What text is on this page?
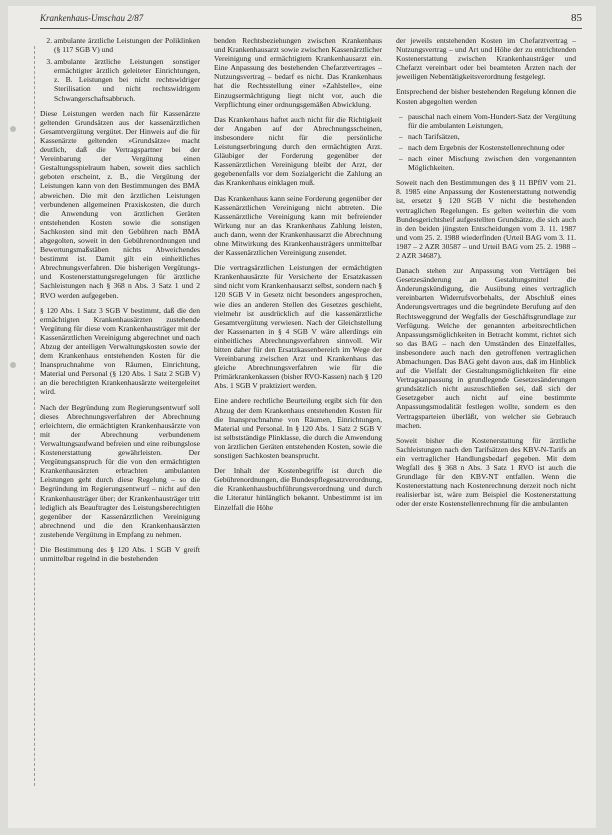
Krankenhaus-Umschau 2/87	85
2. ambulante ärztliche Leistungen der Poliklinken (§ 117 SGB V) und
3. ambulante ärztliche Leistungen sonstiger ermächtigter ärztlich geleiteter Einrichtungen, z. B. Leistungen bei nicht rechtswidriger Sterilisation und nicht rechtswidrigem Schwangerschaftsabbruch.

Diese Leistungen werden nach für Kassenärzte geltenden Grundsätzen aus der kassenärztlichen Gesamtvergütung vergütet. Der Hinweis auf die für Kassenärzte geltenden »Grundsätze« macht deutlich, daß die Vertragspartner bei der Vereinbarung der Vergütung einen Gestaltungsspielraum haben, soweit dies sachlich geboten erscheint, z. B., die Vergütung der Leistungen kann von den Bestimmungen des BMÄ abweichen. Die mit den ärztlichen Leistungen verbundenen allgemeinen Praxiskosten, die durch die Anwendung von ärztlichen Geräten entstehenden Kosten sowie die sonstigen Sachkosten sind mit den Gebühren nach BMÄ abgegolten, soweit in den Gebührenordnungen und Bewertungsmaßstäben nichts Abweichendes bestimmt ist. Damit gilt ein einheitliches Abrechnungsverfahren. Die bisherigen Vergütungs- und Kostenerstattungsregelungen für ärztliche Sachleistungen nach § 368 n Abs. 3 Satz 1 und 2 RVO werden aufgegeben.

§ 120 Abs. 1 Satz 3 SGB V bestimmt, daß die den ermächtigten Krankenhausärzten zustehende Vergütung für diese vom Krankenhausträger mit der Kassenärztlichen Vereinigung abgerechnet und nach Abzug der anteiligen Verwaltungskosten sowie der dem Krankenhaus entstehenden Kosten für die Inanspruchnahme von Räumen, Einrichtung, Material und Personal (§ 120 Abs. 1 Satz 2 SGB V) an die berechtigten Krankenhausärzte weitergeleitet wird.

Nach der Begründung zum Regierungsentwurf soll dieses Abrechnungsverfahren der Abrechnung erleichtern, die ermächtigten Krankenhausärzte von mit der Abrechnung verbundenem Verwaltungsaufwand befreien und eine reibungslose Kostenerstattung gewährleisten. Der Vergütungsanspruch für die von den ermächtigten Krankenhausärzten erbrachten ambulanten Leistungen geht durch diese Regelung – so die Begründung im Regierungsentwurf – nicht auf den Krankenhausträger über; der Krankenhausträger tritt lediglich als Beauftragter des Leistungsberechtigten gegenüber der Kassenärztlichen Vereinigung abrechnend und die den Krankenhausärzten zustehende Vergütung in Empfang zu nehmen.

Die Bestimmung des § 120 Abs. 1 SGB V greift unmittelbar regelnd in die bestehenden

benden Rechtsbeziehungen zwischen Krankenhaus und Krankenhausarzt sowie zwischen Kassenärztlicher Vereinigung und ermächtigtem Krankenhausarzt ein. Eine Anpassung des bestehenden Chefarztvertrages – Nutzungsvertrag – bedarf es nicht. Das Krankenhaus hat die Rechtsstellung einer »Zahlstelle«, eine Einzugsermächtigung liegt nicht vor, auch die Verpflichtung einer ordnungsgemäßen Abwicklung.

Das Krankenhaus haftet auch nicht für die Richtigkeit der Angaben auf der Abrechnungsscheinen, insbesondere nicht für die persönliche Leistungserbringung durch den ermächtigten Arzt. Gläubiger der Forderung gegenüber der Kassenärztlichen Vereinigung bleibt der Arzt, der gegebenenfalls vor dem Sozialgericht die Zahlung an das Krankenhaus einklagen muß.

Das Krankenhaus kann seine Forderung gegenüber der Kassenärztlichen Vereinigung nicht abtreten. Die Kassenärztliche Vereinigung kann mit befreiender Wirkung nur an das Krankenhaus Zahlung leisten, auch dann, wenn der Krankenhausarzt die Abrechnung ohne Mitwirkung des Krankenhausträgers unmittelbar der Kassenärztlichen Vereinigung zusendet.

Die vertragsärztlichen Leistungen der ermächtigten Krankenhausärzte für Versicherte der Ersatzkassen sind nicht vom Krankenhausarzt selbst, sondern nach § 120 SGB V in Gesetz nicht besonders angesprochen, wie dies an anderen Stellen des Gesetzes geschieht, vielmehr ist ausdrücklich auf die kassenärztliche Gesamtvergütung verwiesen. Nach der Gleichstellung der Kassenarten in § 4 SGB V wäre allerdings ein einheitliches Abrechnungsverfahren sinnvoll. Wir bitten daher für den Ersatzkassenbereich im Wege der Vereinbarung zwischen Arzt und Krankenhaus das gleiche Abrechnungsverfahren wie für die Primärkrankenkassen (bisher RVO-Kassen) nach § 120 Abs. 1 SGB V praktiziert werden.

Eine andere rechtliche Beurteilung ergibt sich für den Abzug der dem Krankenhaus entstehenden Kosten für die Inanspruchnahme von Räumen, Einrichtungen, Material und Personal. In § 120 Abs. 1 Satz 2 SGB V ist selbstständige Plinklasse, die durch die Anwendung von ärztlichen Geräten entstehenden Kosten, sowie die sonstigen Sachkosten beansprucht.

Der Inhalt der Kostenbegriffe ist durch die Gebührenordnungen, die Bundespflegesatzverordnung, die Krankenhausbuchführungsverordnung und durch die Literatur hinlänglich bekannt. Unbestimmt ist im Einzelfall die Höhe

der jeweils entstehenden Kosten im Chefarztvertrag – Nutzungsvertrag – und Art und Höhe der zu entrichtenden Kostenerstattung zwischen Krankenhausträger und Chefarzt vereinbart oder bei beamteten Ärzten nach der jeweiligen Nebentätigkeitsverordnung festgelegt.

Entsprechend der bisher bestehenden Regelung können die Kosten abgegolten werden

– pauschal nach einem Vom-Hundert-Satz der Vergütung für die ambulanten Leistungen,
– nach Tarifsätzen,
– nach dem Ergebnis der Kostenstellenrechnung oder
– nach einer Mischung zwischen den vorgenannten Möglichkeiten.

Soweit nach den Bestimmungen des § 11 BPflV vom 21. 8. 1985 eine Anpassung der Kostenerstattung notwendig ist, ersetzt § 120 SGB V nicht die bestehenden vertraglichen Regelungen. Es gelten weiterhin die vom Bundesgerichtsheif aufgestellten Grundsätze, die sich auch in den beiden jüngsten Entscheidungen vom 3. 11. 1987 und vom 25. 2. 1988 wiederfinden (Urteil BAG vom 3. 11. 1987 – 2 AZR 30587 – und Urteil BAG vom 25. 2. 1988 – 2 AZR 34687).

Danach stehen zur Anpassung von Verträgen bei Gesetzesänderung an Gestaltungsmittel die Änderungskündigung, die Ausübung eines vertraglich vereinbarten Widerrufsvorbehalts, der Abschluß eines Änderungsvertrages und die begründete Berufung auf den Rechtsweggrund der Wegfalls der Geschäftsgrundlage zur Verfügung. Welche der genannten arbeitsrechtlichen Anpassungsmöglichkeiten in Betracht kommt, richtet sich so das BAG – nach den Umständen des Einzelfalles, insbesondere auch nach den getroffenen vertraglichen Abmachungen. Das BAG geht davon aus, daß im Hinblick auf die Vielfalt der Gestaltungsmöglichkeiten für eine Vertragsanpassung in grundlegende Gesetzesänderungen grundsätzlich nicht auszuschließen sei, daß sich der Gesetzgeber auch nicht auf eine bestimmte Anpassungsmodalität festlegen wollte, sondern es den Vertragsparteien überläßt, von welcher sie Gebrauch machen.

Soweit bisher die Kostenerstattung für ärztliche Sachleistungen nach den Tarifsätzen des KBV-N-Tarifs an ein vertraglicher Handlungsbedarf gegeben. Mit dem Wegfall des § 368 n Abs. 3 Satz 1 RVO ist auch die Grundlage für den KBV-NT entfallen. Wenn die Kostenerstattung nach Kostenrechnung derzeit noch nicht realisierbar ist, wäre zum Beispiel die Kostenerstattung oder der erste Kostenstellenrechnung für die ambulanten
